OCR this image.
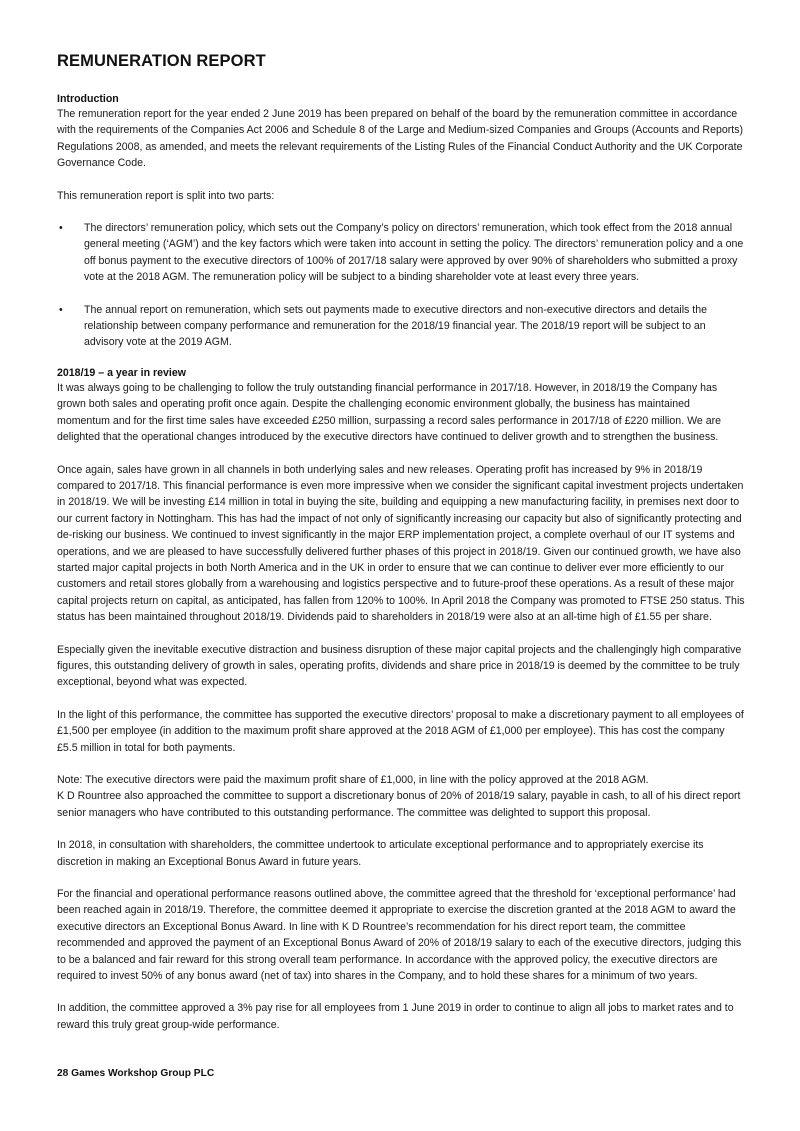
REMUNERATION REPORT
Introduction

The remuneration report for the year ended 2 June 2019 has been prepared on behalf of the board by the remuneration committee in accordance with the requirements of the Companies Act 2006 and Schedule 8 of the Large and Medium-sized Companies and Groups (Accounts and Reports) Regulations 2008, as amended, and meets the relevant requirements of the Listing Rules of the Financial Conduct Authority and the UK Corporate Governance Code.

This remuneration report is split into two parts:

• The directors’ remuneration policy, which sets out the Company’s policy on directors’ remuneration, which took effect from the 2018 annual general meeting (‘AGM’) and the key factors which were taken into account in setting the policy. The directors’ remuneration policy and a one off bonus payment to the executive directors of 100% of 2017/18 salary were approved by over 90% of shareholders who submitted a proxy vote at the 2018 AGM. The remuneration policy will be subject to a binding shareholder vote at least every three years.
• The annual report on remuneration, which sets out payments made to executive directors and non-executive directors and details the relationship between company performance and remuneration for the 2018/19 financial year. The 2018/19 report will be subject to an advisory vote at the 2019 AGM.
2018/19 – a year in review

It was always going to be challenging to follow the truly outstanding financial performance in 2017/18. However, in 2018/19 the Company has grown both sales and operating profit once again. Despite the challenging economic environment globally, the business has maintained momentum and for the first time sales have exceeded £250 million, surpassing a record sales performance in 2017/18 of £220 million. We are delighted that the operational changes introduced by the executive directors have continued to deliver growth and to strengthen the business.

Once again, sales have grown in all channels in both underlying sales and new releases. Operating profit has increased by 9% in 2018/19 compared to 2017/18. This financial performance is even more impressive when we consider the significant capital investment projects undertaken in 2018/19. We will be investing £14 million in total in buying the site, building and equipping a new manufacturing facility, in premises next door to our current factory in Nottingham. This has had the impact of not only of significantly increasing our capacity but also of significantly protecting and de-risking our business. We continued to invest significantly in the major ERP implementation project, a complete overhaul of our IT systems and operations, and we are pleased to have successfully delivered further phases of this project in 2018/19. Given our continued growth, we have also started major capital projects in both North America and in the UK in order to ensure that we can continue to deliver ever more efficiently to our customers and retail stores globally from a warehousing and logistics perspective and to future-proof these operations. As a result of these major capital projects return on capital, as anticipated, has fallen from 120% to 100%. In April 2018 the Company was promoted to FTSE 250 status. This status has been maintained throughout 2018/19. Dividends paid to shareholders in 2018/19 were also at an all-time high of £1.55 per share.

Especially given the inevitable executive distraction and business disruption of these major capital projects and the challengingly high comparative figures, this outstanding delivery of growth in sales, operating profits, dividends and share price in 2018/19 is deemed by the committee to be truly exceptional, beyond what was expected.

In the light of this performance, the committee has supported the executive directors’ proposal to make a discretionary payment to all employees of £1,500 per employee (in addition to the maximum profit share approved at the 2018 AGM of £1,000 per employee). This has cost the company £5.5 million in total for both payments.

Note: The executive directors were paid the maximum profit share of £1,000, in line with the policy approved at the 2018 AGM.
K D Rountree also approached the committee to support a discretionary bonus of 20% of 2018/19 salary, payable in cash, to all of his direct report senior managers who have contributed to this outstanding performance. The committee was delighted to support this proposal.

In 2018, in consultation with shareholders, the committee undertook to articulate exceptional performance and to appropriately exercise its discretion in making an Exceptional Bonus Award in future years.

For the financial and operational performance reasons outlined above, the committee agreed that the threshold for ‘exceptional performance’ had been reached again in 2018/19. Therefore, the committee deemed it appropriate to exercise the discretion granted at the 2018 AGM to award the executive directors an Exceptional Bonus Award. In line with K D Rountree’s recommendation for his direct report team, the committee recommended and approved the payment of an Exceptional Bonus Award of 20% of 2018/19 salary to each of the executive directors, judging this to be a balanced and fair reward for this strong overall team performance. In accordance with the approved policy, the executive directors are required to invest 50% of any bonus award (net of tax) into shares in the Company, and to hold these shares for a minimum of two years.

In addition, the committee approved a 3% pay rise for all employees from 1 June 2019 in order to continue to align all jobs to market rates and to reward this truly great group-wide performance.

28 Games Workshop Group PLC
